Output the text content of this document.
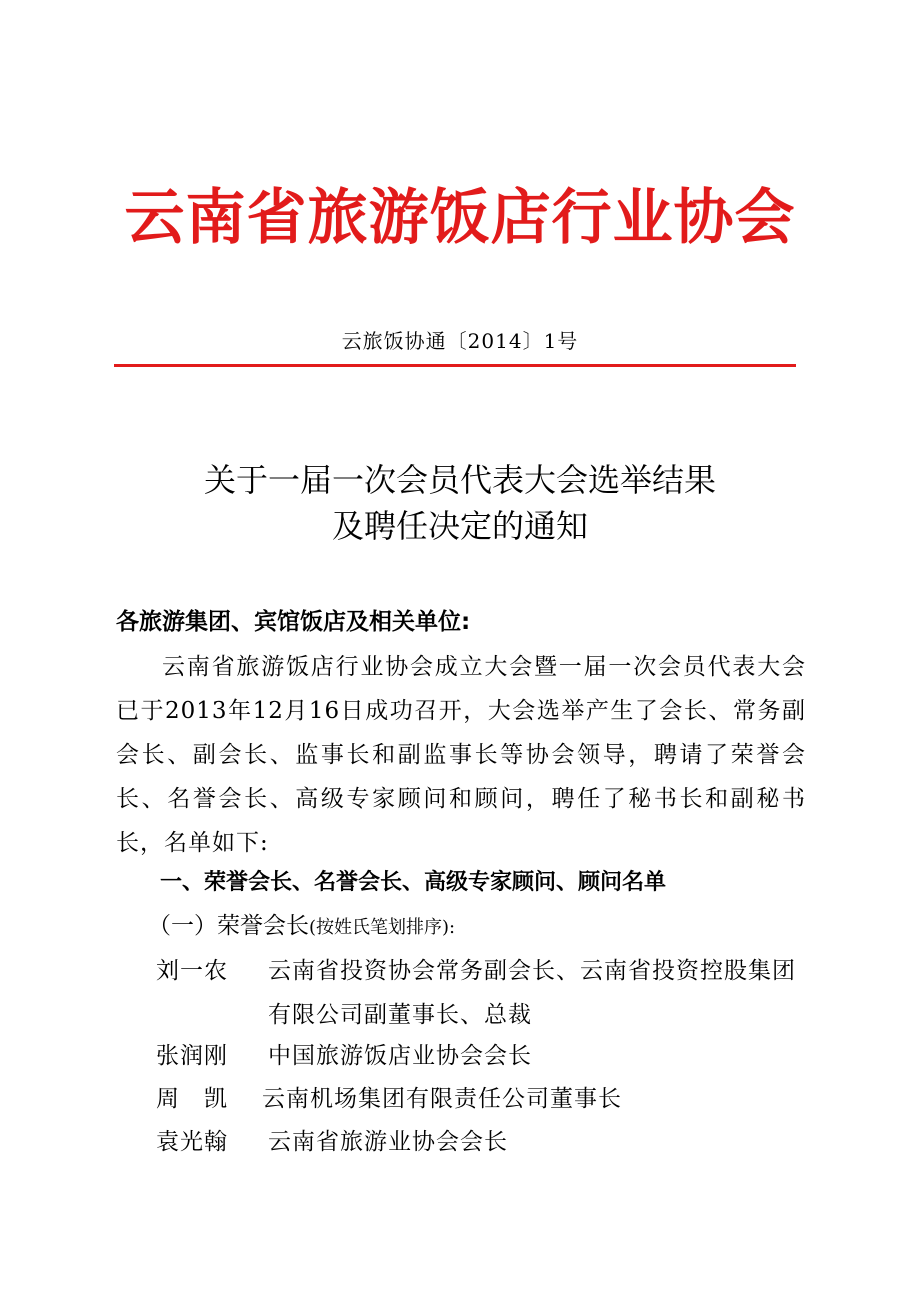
云南省旅游饭店行业协会
云旅饭协通〔2014〕1号
关于一届一次会员代表大会选举结果
及聘任决定的通知
各旅游集团、宾馆饭店及相关单位:
云南省旅游饭店行业协会成立大会暨一届一次会员代表大会已于2013年12月16日成功召开，大会选举产生了会长、常务副会长、副会长、监事长和副监事长等协会领导，聘请了荣誉会长、名誉会长、高级专家顾问和顾问，聘任了秘书长和副秘书长，名单如下:
一、荣誉会长、名誉会长、高级专家顾问、顾问名单
（一）荣誉会长(按姓氏笔划排序):
刘一农 云南省投资协会常务副会长、云南省投资控股集团有限公司副董事长、总裁
张润刚 中国旅游饭店业协会会长
周　凯 云南机场集团有限责任公司董事长
袁光翰 云南省旅游业协会会长
